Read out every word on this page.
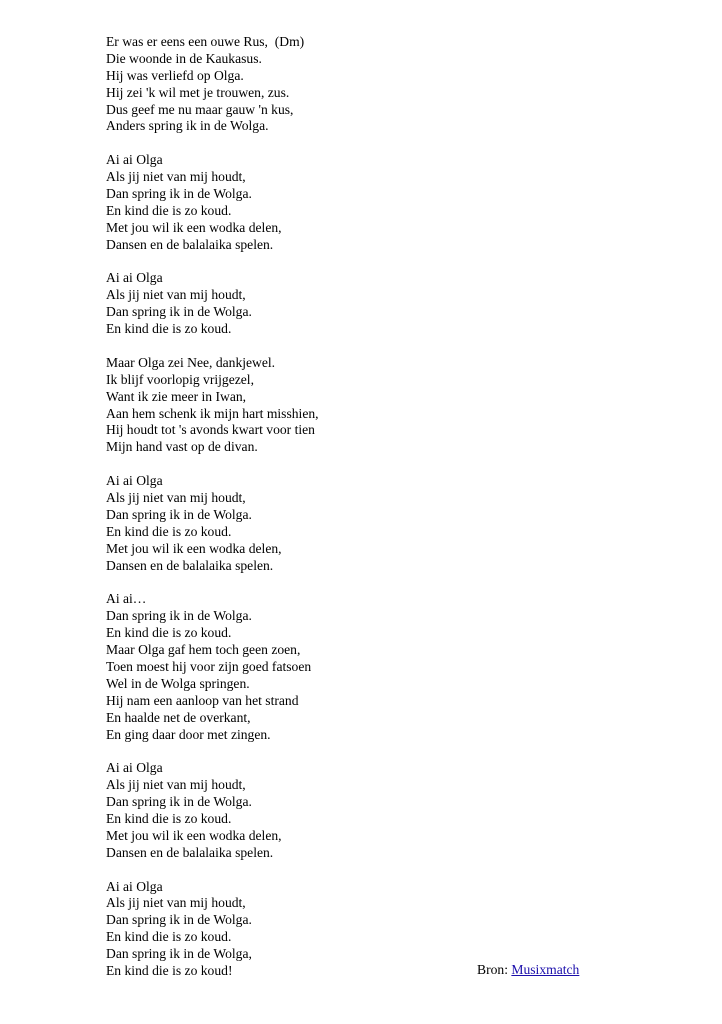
Er was er eens een ouwe Rus,  (Dm)
Die woonde in de Kaukasus.
Hij was verliefd op Olga.
Hij zei 'k wil met je trouwen, zus.
Dus geef me nu maar gauw 'n kus,
Anders spring ik in de Wolga.
Ai ai Olga
Als jij niet van mij houdt,
Dan spring ik in de Wolga.
En kind die is zo koud.
Met jou wil ik een wodka delen,
Dansen en de balalaika spelen.
Ai ai Olga
Als jij niet van mij houdt,
Dan spring ik in de Wolga.
En kind die is zo koud.
Maar Olga zei Nee, dankjewel.
Ik blijf voorlopig vrijgezel,
Want ik zie meer in Iwan,
Aan hem schenk ik mijn hart misshien,
Hij houdt tot 's avonds kwart voor tien
Mijn hand vast op de divan.
Ai ai Olga
Als jij niet van mij houdt,
Dan spring ik in de Wolga.
En kind die is zo koud.
Met jou wil ik een wodka delen,
Dansen en de balalaika spelen.
Ai ai…
Dan spring ik in de Wolga.
En kind die is zo koud.
Maar Olga gaf hem toch geen zoen,
Toen moest hij voor zijn goed fatsoen
Wel in de Wolga springen.
Hij nam een aanloop van het strand
En haalde net de overkant,
En ging daar door met zingen.
Ai ai Olga
Als jij niet van mij houdt,
Dan spring ik in de Wolga.
En kind die is zo koud.
Met jou wil ik een wodka delen,
Dansen en de balalaika spelen.
Ai ai Olga
Als jij niet van mij houdt,
Dan spring ik in de Wolga.
En kind die is zo koud.
Dan spring ik in de Wolga,
En kind die is zo koud!	Bron: Musixmatch
